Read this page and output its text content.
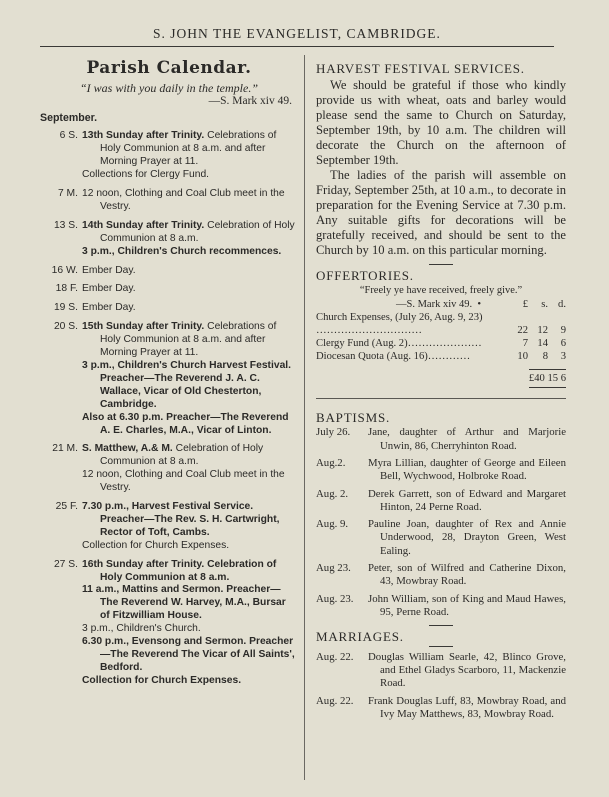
S. JOHN THE EVANGELIST, CAMBRIDGE.
Parish Calendar.

“I was with you daily in the temple.”

—S. Mark xiv 49.

September.
6 S. 13th Sunday after Trinity. Celebrations of Holy Communion at 8 a.m. and after Morning Prayer at 11.

Collections for Clergy Fund.

7 M. 12 noon, Clothing and Coal Club meet in the Vestry.

13 S. 14th Sunday after Trinity. Celebration of Holy Communion at 8 a.m.

3 p.m., Children's Church recommences.

16 W. Ember Day.

18 F. Ember Day.

19 S. Ember Day.

20 S. 15th Sunday after Trinity. Celebrations of Holy Communion at 8 a.m. and after Morning Prayer at 11.

3 p.m., Children's Church Harvest Festival. Preacher—The Reverend J. A. C. Wallace, Vicar of Old Chesterton, Cambridge.

Also at 6.30 p.m. Preacher—The Reverend A. E. Charles, M.A., Vicar of Linton.

21 M. S. Matthew, A.& M. Celebration of Holy Communion at 8 a.m.

12 noon, Clothing and Coal Club meet in the Vestry.

25 F. 7.30 p.m., Harvest Festival Service. Preacher—The Rev. S. H. Cartwright, Rector of Toft, Cambs.

Collection for Church Expenses.

27 S. 16th Sunday after Trinity. Celebration of Holy Communion at 8 a.m.

11 a.m., Mattins and Sermon. Preacher—The Reverend W. Harvey, M.A., Bursar of Fitzwilliam House.

3 p.m., Children's Church.

6.30 p.m., Evensong and Sermon. Preacher—The Reverend The Vicar of All Saints', Bedford.

Collection for Church Expenses.

HARVEST FESTIVAL SERVICES.

We should be grateful if those who kindly provide us with wheat, oats and barley would please send the same to Church on Saturday, September 19th, by 10 a.m. The children will decorate the Church on the afternoon of September 19th.

The ladies of the parish will assemble on Friday, September 25th, at 10 a.m., to decorate in preparation for the Evening Service at 7.30 p.m. Any suitable gifts for decorations will be gratefully received, and should be sent to the Church by 10 a.m. on this particular morning.

OFFERTORIES.

“Freely ye have received, freely give.”

—S. Mark xiv 49. •	£	s.	d.
Church Expenses, (July 26, Aug. 9, 23) …………………………	22	12	9
Clergy Fund (Aug. 2)…………………	7	14	6
Diocesan Quota (Aug. 16)…………	10	8	3
	£40 15 6		
BAPTISMS.
July 26. Jane, daughter of Arthur and Marjorie Unwin, 86, Cherryhinton Road.
Aug.2. Myra Lillian, daughter of George and Eileen Bell, Wychwood, Holbroke Road.
Aug. 2. Derek Garrett, son of Edward and Margaret Hinton, 24 Perne Road.
Aug. 9. Pauline Joan, daughter of Rex and Annie Underwood, 28, Drayton Green, West Ealing.
Aug 23. Peter, son of Wilfred and Catherine Dixon, 43, Mowbray Road.
Aug. 23. John William, son of King and Maud Hawes, 95, Perne Road.
MARRIAGES.
Aug. 22. Douglas William Searle, 42, Blinco Grove, and Ethel Gladys Scarboro, 11, Mackenzie Road.
Aug. 22. Frank Douglas Luff, 83, Mowbray Road, and Ivy May Matthews, 83, Mowbray Road.
